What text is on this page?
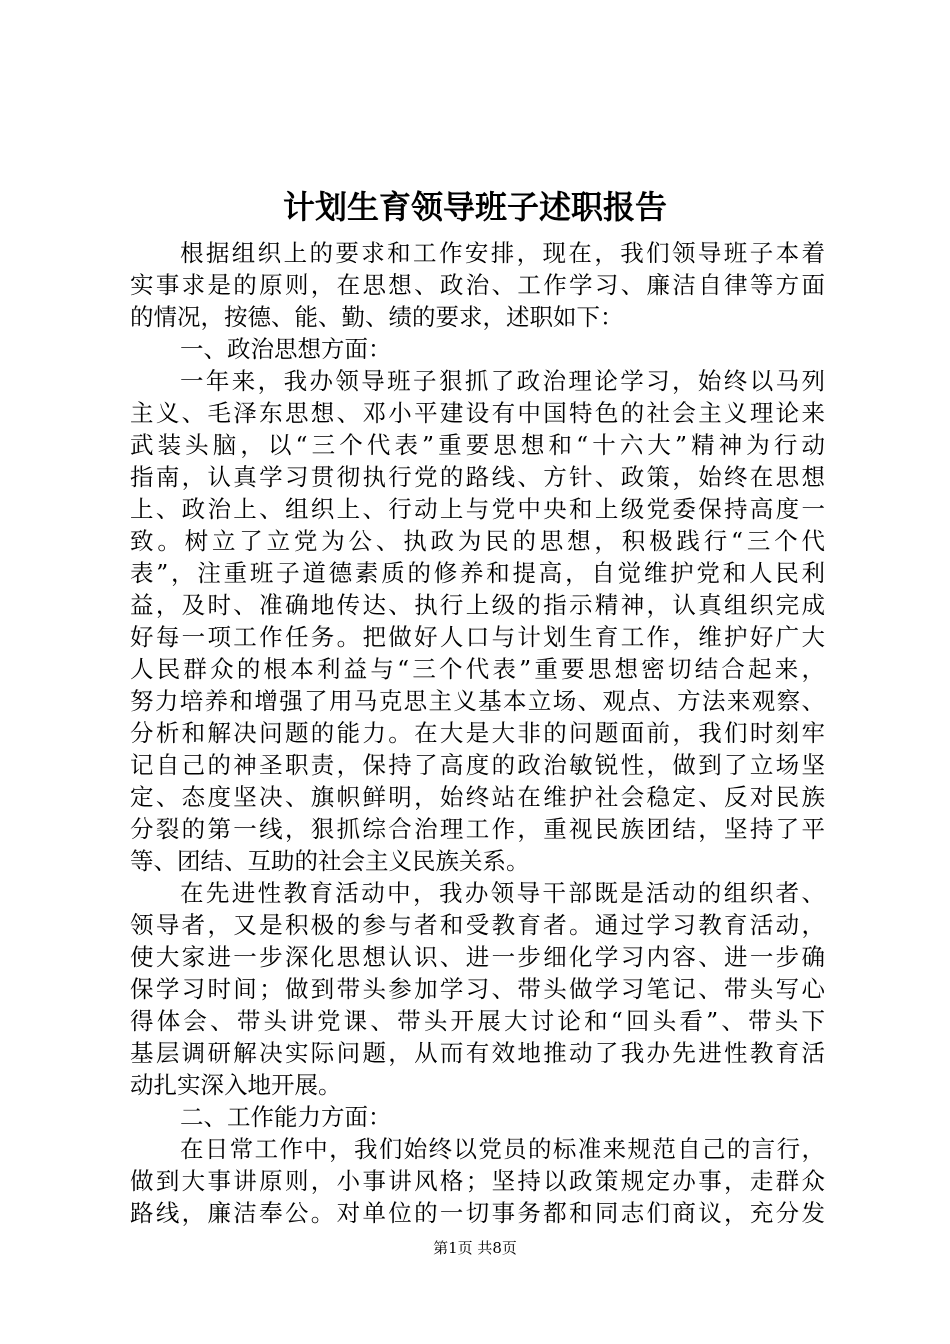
计划生育领导班子述职报告
根据组织上的要求和工作安排，现在，我们领导班子本着
实事求是的原则，在思想、政治、工作学习、廉洁自律等方面
的情况，按德、能、勤、绩的要求，述职如下：
一、政治思想方面：
一年来，我办领导班子狠抓了政治理论学习，始终以马列
主义、毛泽东思想、邓小平建设有中国特色的社会主义理论来
武装头脑，以“三个代表”重要思想和“十六大”精神为行动
指南，认真学习贯彻执行党的路线、方针、政策，始终在思想
上、政治上、组织上、行动上与党中央和上级党委保持高度一
致。树立了立党为公、执政为民的思想，积极践行“三个代
表”，注重班子道德素质的修养和提高，自觉维护党和人民利
益，及时、准确地传达、执行上级的指示精神，认真组织完成
好每一项工作任务。把做好人口与计划生育工作，维护好广大
人民群众的根本利益与“三个代表”重要思想密切结合起来，
努力培养和增强了用马克思主义基本立场、观点、方法来观察、
分析和解决问题的能力。在大是大非的问题面前，我们时刻牢
记自己的神圣职责，保持了高度的政治敏锐性，做到了立场坚
定、态度坚决、旗帜鲜明，始终站在维护社会稳定、反对民族
分裂的第一线，狠抓综合治理工作，重视民族团结，坚持了平
等、团结、互助的社会主义民族关系。
在先进性教育活动中，我办领导干部既是活动的组织者、
领导者，又是积极的参与者和受教育者。通过学习教育活动，
使大家进一步深化思想认识、进一步细化学习内容、进一步确
保学习时间；做到带头参加学习、带头做学习笔记、带头写心
得体会、带头讲党课、带头开展大讨论和“回头看”、带头下
基层调研解决实际问题，从而有效地推动了我办先进性教育活
动扎实深入地开展。
二、工作能力方面：
在日常工作中，我们始终以党员的标准来规范自己的言行，
做到大事讲原则，小事讲风格；坚持以政策规定办事，走群众
路线，廉洁奉公。对单位的一切事务都和同志们商议，充分发
第1页 共8页
